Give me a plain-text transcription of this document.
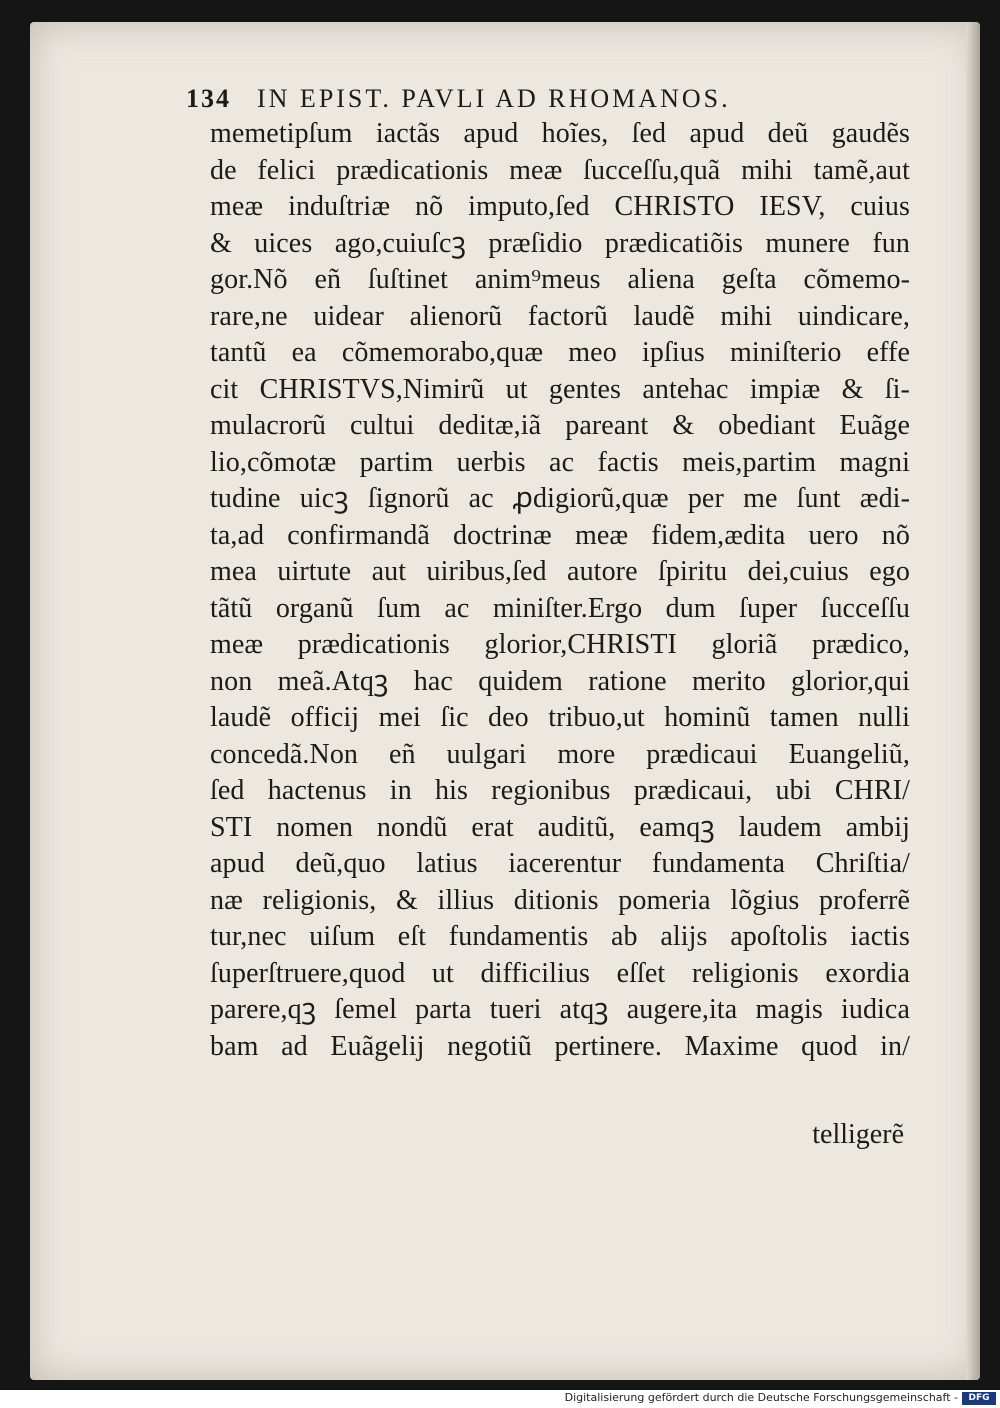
134 IN EPIST. PAVLI AD RHOMANOS.
memetipſum iactãs apud hoĩes, ſed apud deũ gaudẽs
de felici prædicationis meæ ſucceſſu,quã mihi tamẽ,aut
meæ induſtriæ nõ imputo,ſed CHRISTO IESV, cuius
& uices ago,cuiuſcꝫ præſidio prædicatiõis munere fun
gor.Nõ eñ ſuſtinet anim⁹meus aliena geſta cõmemo-
rare,ne uidear alienorũ factorũ laudẽ mihi uindicare,
tantũ ea cõmemorabo,quæ meo ipſius miniſterio effe
cit CHRISTVS,Nimirũ ut gentes antehac impiæ & ſi-
mulacrorũ cultui deditæ,iã pareant & obediant Euãge
lio,cõmotæ partim uerbis ac factis meis,partim magni
tudine uicꝫ ſignorũ ac ꝓdigiorũ,quæ per me ſunt ædi-
ta,ad confirmandã doctrinæ meæ fidem,ædita uero nõ
mea uirtute aut uiribus,ſed autore ſpiritu dei,cuius ego
tãtũ organũ ſum ac miniſter.Ergo dum ſuper ſucceſſu
meæ prædicationis glorior,CHRISTI gloriã prædico,
non meã.Atqꝫ hac quidem ratione merito glorior,qui
laudẽ officij mei ſic deo tribuo,ut hominũ tamen nulli
concedã.Non eñ uulgari more prædicaui Euangeliũ,
ſed hactenus in his regionibus prædicaui, ubi CHRI/
STI nomen nondũ erat auditũ, eamqꝫ laudem ambij
apud deũ,quo latius iacerentur fundamenta Chriſtia/
næ religionis, & illius ditionis pomeria lõgius proferrẽ
tur,nec uiſum eſt fundamentis ab alijs apoſtolis iactis
ſuperſtruere,quod ut difficilius eſſet religionis exordia
parere,qꝫ ſemel parta tueri atqꝫ augere,ita magis iudica
bam ad Euãgelij negotiũ pertinere. Maxime quod in/
telligerẽ
Digitalisierung gefördert durch die Deutsche Forschungsgemeinschaft -	DFG
